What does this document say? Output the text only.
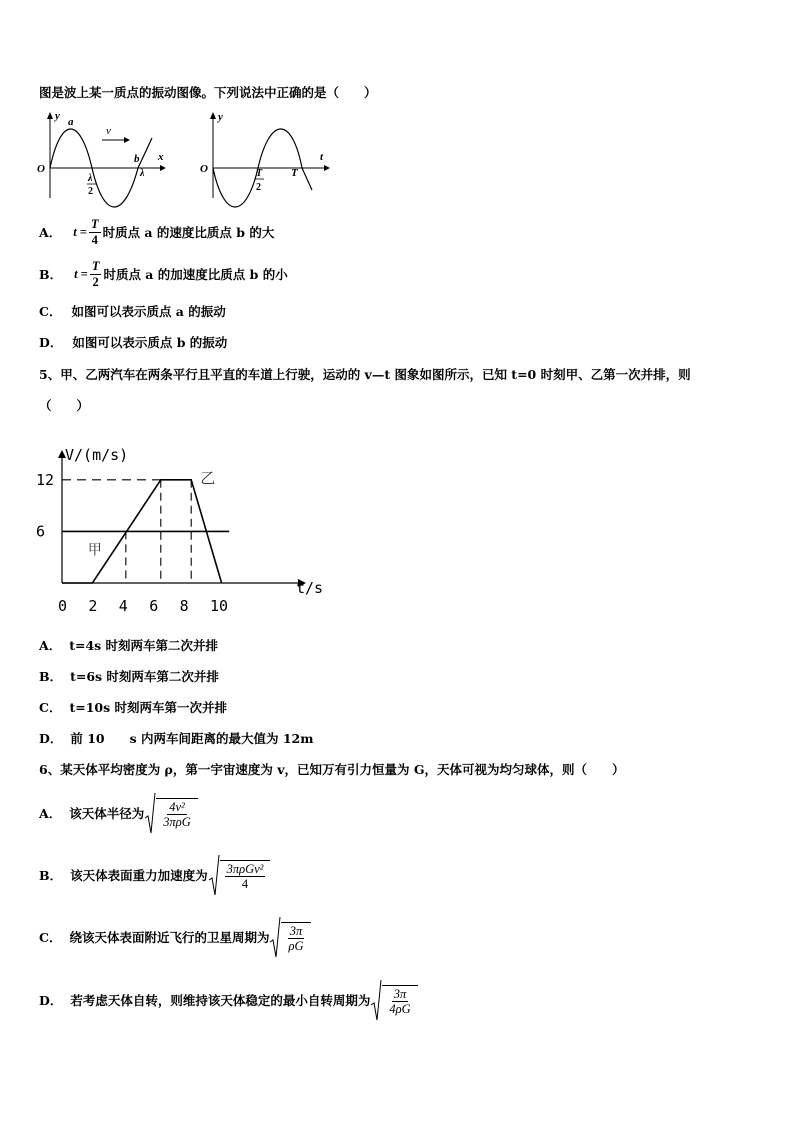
图是波上某一质点的振动图像。下列说法中正确的是（　　）
v
y a
b x
O
λ
2
λ
y
t
O	T
2
T
A． $t = \frac{T}{4}$ 时质点 a 的速度比质点 b 的大
B． $t = \frac{T}{2}$ 时质点 a 的加速度比质点 b 的小
C． 如图可以表示质点 a 的振动
D． 如图可以表示质点 b 的振动
5、甲、乙两汽车在两条平行且平直的车道上行驶，运动的 v—t 图象如图所示，已知 t=0 时刻甲、乙第一次并排，则
（　　）
V/(m/s)
t/s
12
6
0 2 4 6 8 10
甲
乙
A． t=4s 时刻两车第二次并排
B． t=6s 时刻两车第二次并排
C． t=10s 时刻两车第一次并排
D． 前 10　　s 内两车间距离的最大值为 12m
6、某天体平均密度为 ρ，第一宇宙速度为 v，已知万有引力恒量为 G，天体可视为均匀球体，则（　　）
A． 该天体半径为 $\frac{\text{4v²}}{\text{3πρG}}$
B． 该天体表面重力加速度为 $\frac{\text{3πρGv²}}{4}$
C． 绕该天体表面附近飞行的卫星周期为 $\frac{3\pi}{\rho G}$
D． 若考虑天体自转，则维持该天体稳定的最小自转周期为 $\frac{3\pi}{4\rho G}$
